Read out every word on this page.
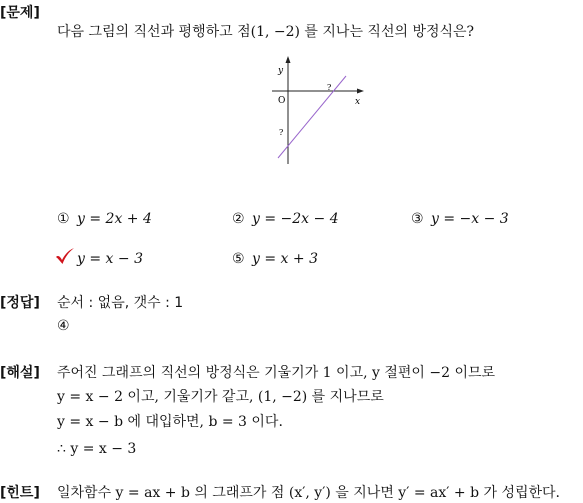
[문제]
다음 그림의 직선과 평행하고 점(1, −2) 를 지나는 직선의 방정식은?
y
x
O
?
?
① y = 2x + 4	② y = −2x − 4	③ y = −x − 3
y = x − 3	⑤ y = x + 3
[정답] 순서 : 없음, 갯수 : 1
④
[해설] 주어진 그래프의 직선의 방정식은 기울기가 1 이고, y 절편이 −2 이므로
y = x − 2 이고, 기울기가 같고, (1, −2) 를 지나므로
y = x − b 에 대입하면, b = 3 이다.
∴ y = x − 3
[힌트] 일차함수 y = ax + b 의 그래프가 점 (x′, y′) 을 지나면 y′ = ax′ + b 가 성립한다.
